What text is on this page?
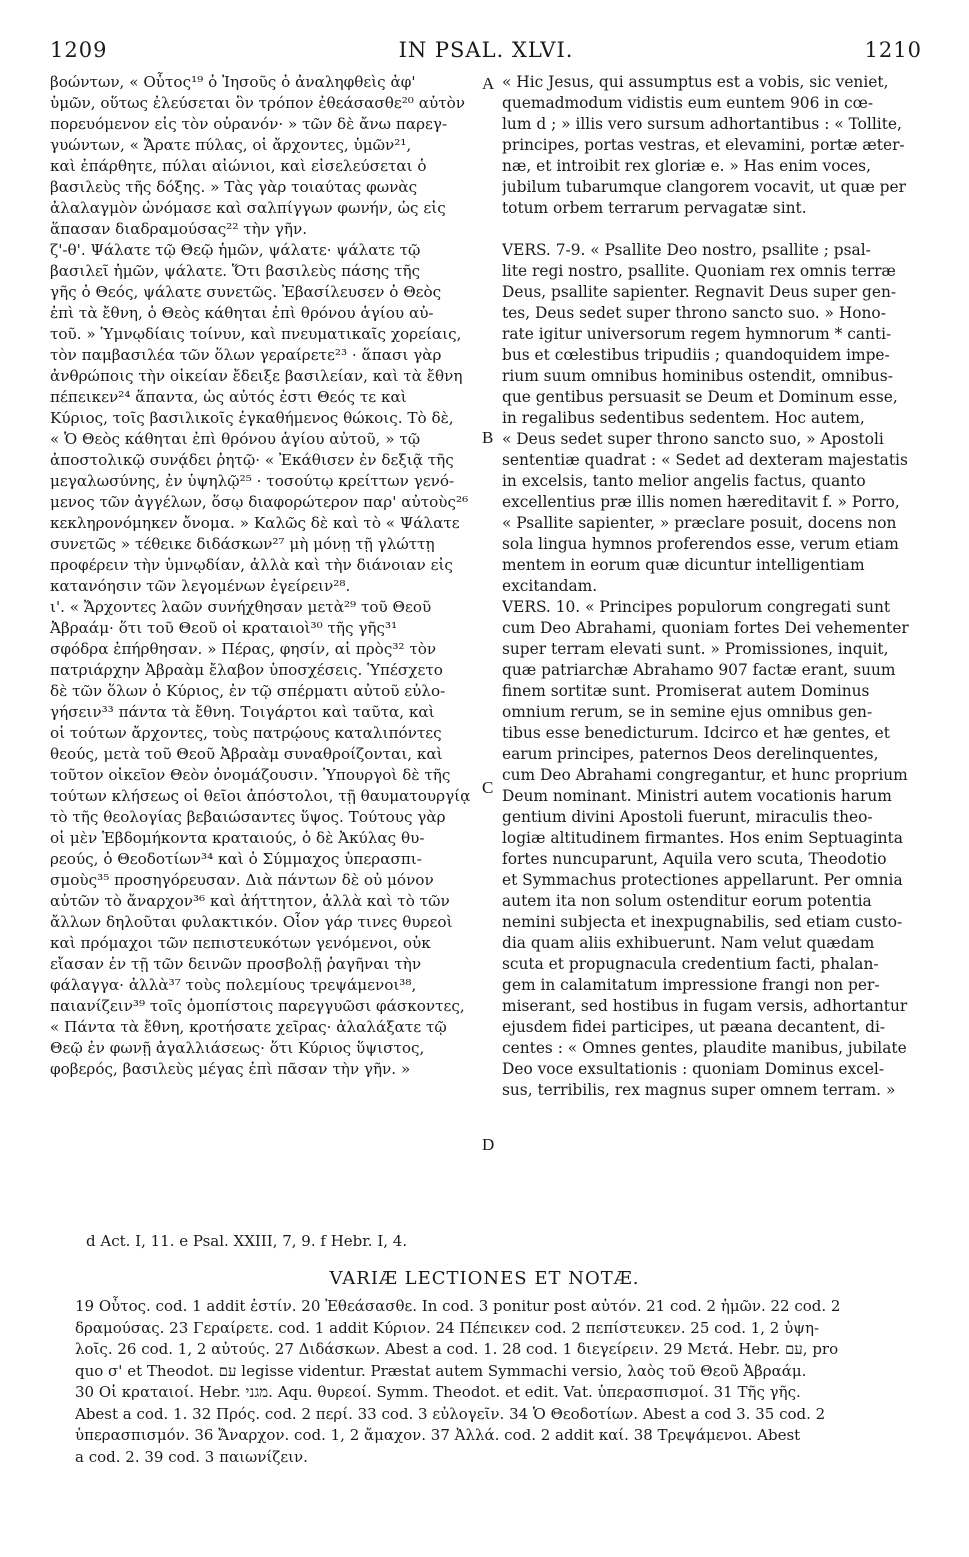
1209	IN PSAL. XLVI.	1210
βοώντων, « Οὗτος¹⁹ ὁ Ἰησοῦς ὁ ἀναληφθεὶς ἀφ'
ὑμῶν, οὕτως ἐλεύσεται ὃν τρόπον ἐθεάσασθε²⁰ αὐτὸν
πορευόμενον εἰς τὸν οὐρανόν· » τῶν δὲ ἄνω παρεγ-
γυώντων, « Ἄρατε πύλας, οἱ ἄρχοντες, ὑμῶν²¹,
καὶ ἐπάρθητε, πύλαι αἰώνιοι, καὶ εἰσελεύσεται ὁ
βασιλεὺς τῆς δόξης. » Τὰς γὰρ τοιαύτας φωνὰς
ἀλαλαγμὸν ὠνόμασε καὶ σαλπίγγων φωνήν, ὡς εἰς
ἅπασαν διαδραμούσας²² τὴν γῆν.
ζ'-θ'. Ψάλατε τῷ Θεῷ ἡμῶν, ψάλατε· ψάλατε τῷ
βασιλεῖ ἡμῶν, ψάλατε. Ὅτι βασιλεὺς πάσης τῆς
γῆς ὁ Θεός, ψάλατε συνετῶς. Ἐβασίλευσεν ὁ Θεὸς
ἐπὶ τὰ ἔθνη, ὁ Θεὸς κάθηται ἐπὶ θρόνου ἁγίου αὐ-
τοῦ. » Ὑμνῳδίαις τοίνυν, καὶ πνευματικαῖς χορείαις,
τὸν παμβασιλέα τῶν ὅλων γεραίρετε²³ · ἅπασι γὰρ
ἀνθρώποις τὴν οἰκείαν ἔδειξε βασιλείαν, καὶ τὰ ἔθνη
πέπεικεν²⁴ ἅπαντα, ὡς αὐτός ἐστι Θεός τε καὶ
Κύριος, τοῖς βασιλικοῖς ἐγκαθήμενος θώκοις. Τὸ δὲ,
« Ὁ Θεὸς κάθηται ἐπὶ θρόνου ἁγίου αὐτοῦ, » τῷ
ἀποστολικῷ συνᾴδει ῥητῷ· « Ἐκάθισεν ἐν δεξιᾷ τῆς
μεγαλωσύνης, ἐν ὑψηλῷ²⁵ · τοσούτῳ κρείττων γενό-
μενος τῶν ἀγγέλων, ὅσῳ διαφορώτερον παρ' αὐτοὺς²⁶
κεκληρονόμηκεν ὄνομα. » Καλῶς δὲ καὶ τὸ « Ψάλατε
συνετῶς » τέθεικε διδάσκων²⁷ μὴ μόνῃ τῇ γλώττῃ
προφέρειν τὴν ὑμνῳδίαν, ἀλλὰ καὶ τὴν διάνοιαν εἰς
κατανόησιν τῶν λεγομένων ἐγείρειν²⁸.
ι'. « Ἄρχοντες λαῶν συνήχθησαν μετὰ²⁹ τοῦ Θεοῦ
Ἀβραάμ· ὅτι τοῦ Θεοῦ οἱ κραταιοὶ³⁰ τῆς γῆς³¹
σφόδρα ἐπήρθησαν. » Πέρας, φησίν, αἱ πρὸς³² τὸν
πατριάρχην Ἀβραὰμ ἔλαβον ὑποσχέσεις. Ὑπέσχετο
δὲ τῶν ὅλων ὁ Κύριος, ἐν τῷ σπέρματι αὐτοῦ εὐλο-
γήσειν³³ πάντα τὰ ἔθνη. Τοιγάρτοι καὶ ταῦτα, καὶ
οἱ τούτων ἄρχοντες, τοὺς πατρῴους καταλιπόντες
θεούς, μετὰ τοῦ Θεοῦ Ἀβραὰμ συναθροίζονται, καὶ
τοῦτον οἰκεῖον Θεὸν ὀνομάζουσιν. Ὑπουργοὶ δὲ τῆς
τούτων κλήσεως οἱ θεῖοι ἀπόστολοι, τῇ θαυματουργίᾳ
τὸ τῆς θεολογίας βεβαιώσαντες ὕψος. Τούτους γὰρ
οἱ μὲν Ἑβδομήκοντα κραταιούς, ὁ δὲ Ἀκύλας θυ-
ρεούς, ὁ Θεοδοτίων³⁴ καὶ ὁ Σύμμαχος ὑπερασπι-
σμοὺς³⁵ προσηγόρευσαν. Διὰ πάντων δὲ οὐ μόνον
αὐτῶν τὸ ἄναρχον³⁶ καὶ ἀήττητον, ἀλλὰ καὶ τὸ τῶν
ἄλλων δηλοῦται φυλακτικόν. Οἷον γάρ τινες θυρεοὶ
καὶ πρόμαχοι τῶν πεπιστευκότων γενόμενοι, οὐκ
εἴασαν ἐν τῇ τῶν δεινῶν προσβολῇ ῥαγῆναι τὴν
φάλαγγα· ἀλλὰ³⁷ τοὺς πολεμίους τρεψάμενοι³⁸,
παιανίζειν³⁹ τοῖς ὁμοπίστοις παρεγγυῶσι φάσκοντες,
« Πάντα τὰ ἔθνη, κροτήσατε χεῖρας· ἀλαλάξατε τῷ
Θεῷ ἐν φωνῇ ἀγαλλιάσεως· ὅτι Κύριος ὕψιστος,
φοβερός, βασιλεὺς μέγας ἐπὶ πᾶσαν τὴν γῆν. »
« Hic Jesus, qui assumptus est a vobis, sic veniet,
quemadmodum vidistis eum euntem 906 in cœ-
lum d ; » illis vero sursum adhortantibus : « Tollite,
principes, portas vestras, et elevamini, portæ æter-
næ, et introibit rex gloriæ e. » Has enim voces,
jubilum tubarumque clangorem vocavit, ut quæ per
totum orbem terrarum pervagatæ sint.
VERS. 7-9. « Psallite Deo nostro, psallite ; psal-
lite regi nostro, psallite. Quoniam rex omnis terræ
Deus, psallite sapienter. Regnavit Deus super gen-
tes, Deus sedet super throno sancto suo. » Hono-
rate igitur universorum regem hymnorum * canti-
bus et cœlestibus tripudiis ; quandoquidem impe-
rium suum omnibus hominibus ostendit, omnibus-
que gentibus persuasit se Deum et Dominum esse,
in regalibus sedentibus sedentem. Hoc autem,
« Deus sedet super throno sancto suo, » Apostoli
sententiæ quadrat : « Sedet ad dexteram majestatis
in excelsis, tanto melior angelis factus, quanto
excellentius præ illis nomen hæreditavit f. » Porro,
« Psallite sapienter, » præclare posuit, docens non
sola lingua hymnos proferendos esse, verum etiam
mentem in eorum quæ dicuntur intelligentiam
excitandam.
VERS. 10. « Principes populorum congregati sunt
cum Deo Abrahami, quoniam fortes Dei vehementer
super terram elevati sunt. » Promissiones, inquit,
quæ patriarchæ Abrahamo 907 factæ erant, suum
finem sortitæ sunt. Promiserat autem Dominus
omnium rerum, se in semine ejus omnibus gen-
tibus esse benedicturum. Idcirco et hæ gentes, et
earum principes, paternos Deos derelinquentes,
cum Deo Abrahami congregantur, et hunc proprium
Deum nominant. Ministri autem vocationis harum
gentium divini Apostoli fuerunt, miraculis theo-
logiæ altitudinem firmantes. Hos enim Septuaginta
fortes nuncuparunt, Aquila vero scuta, Theodotio
et Symmachus protectiones appellarunt. Per omnia
autem ita non solum ostenditur eorum potentia
nemini subjecta et inexpugnabilis, sed etiam custo-
dia quam aliis exhibuerunt. Nam velut quædam
scuta et propugnacula credentium facti, phalan-
gem in calamitatum impressione frangi non per-
miserant, sed hostibus in fugam versis, adhortantur
ejusdem fidei participes, ut pæana decantent, di-
centes : « Omnes gentes, plaudite manibus, jubilate
Deo voce exsultationis : quoniam Dominus excel-
sus, terribilis, rex magnus super omnem terram. »
A
B
C
D
d Act. I, 11. e Psal. XXIII, 7, 9. f Hebr. I, 4.
VARIÆ LECTIONES ET NOTÆ.
19 Οὗτος. cod. 1 addit ἐστίν. 20 Ἐθεάσασθε. In cod. 3 ponitur post αὐτόν. 21 cod. 2 ἡμῶν. 22 cod. 2
δραμούσας. 23 Γεραίρετε. cod. 1 addit Κύριον. 24 Πέπεικεν cod. 2 πεπίστευκεν. 25 cod. 1, 2 ὑψη-
λοῖς. 26 cod. 1, 2 αὐτούς. 27 Διδάσκων. Abest a cod. 1. 28 cod. 1 διεγείρειν. 29 Μετά. Hebr. ‏עם‎, pro
quo σ' et Theodot. ‏עם‎ legisse videntur. Præstat autem Symmachi versio, λαὸς τοῦ Θεοῦ Ἀβραάμ.
30 Οἱ κραταιοί. Hebr. ‏מגני‎. Aqu. θυρεοί. Symm. Theodot. et edit. Vat. ὑπερασπισμοί. 31 Τῆς γῆς.
Abest a cod. 1. 32 Πρός. cod. 2 περί. 33 cod. 3 εὐλογεῖν. 34 Ὁ Θεοδοτίων. Abest a cod 3. 35 cod. 2
ὑπερασπισμόν. 36 Ἄναρχον. cod. 1, 2 ἄμαχον. 37 Ἀλλά. cod. 2 addit καί. 38 Τρεψάμενοι. Abest
a cod. 2. 39 cod. 3 παιωνίζειν.
